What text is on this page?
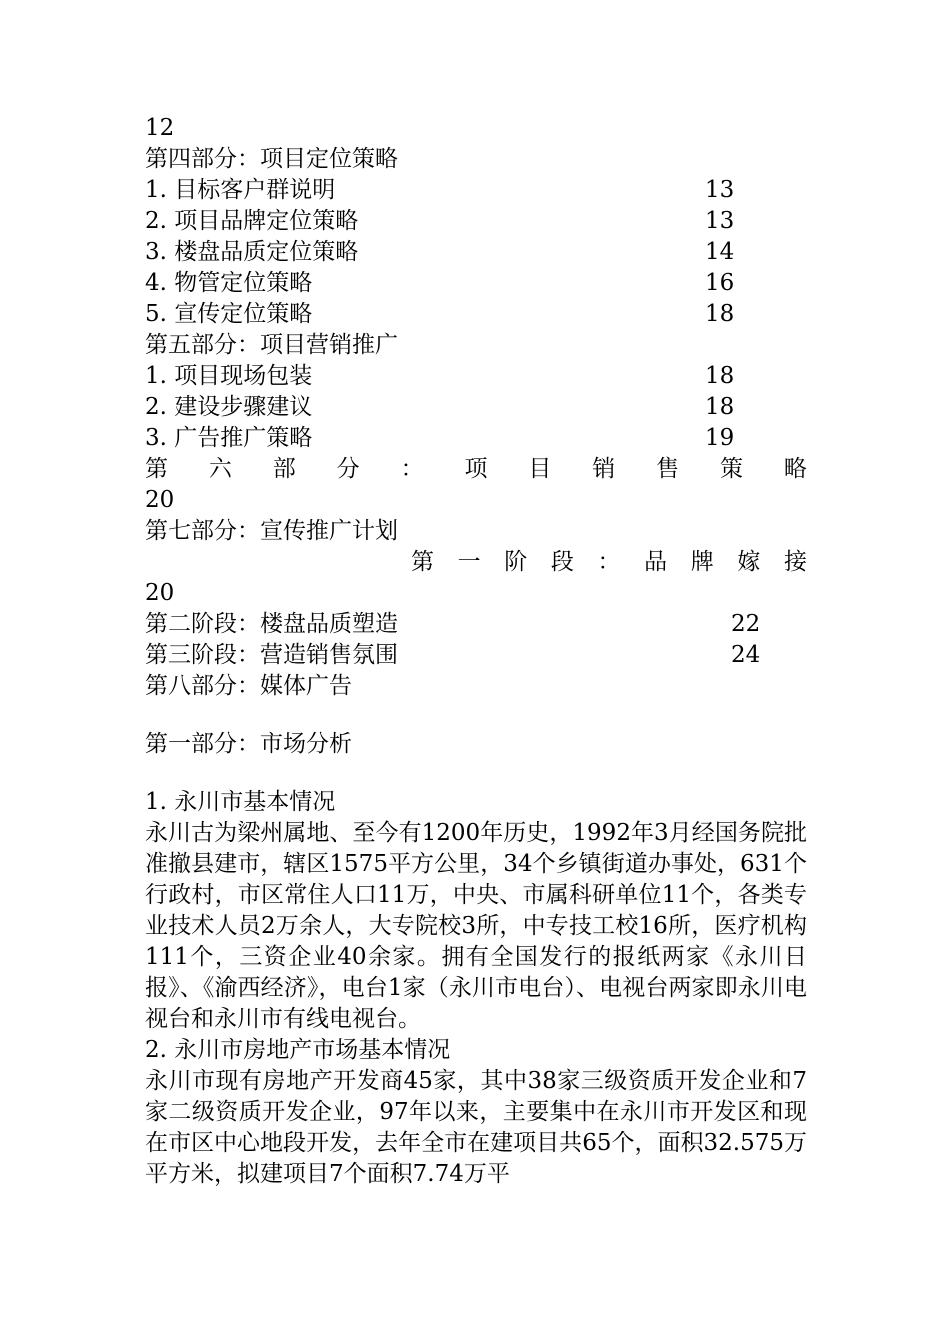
12
第四部分：项目定位策略
1. 目标客户群说明	13
2. 项目品牌定位策略	13
3. 楼盘品质定位策略	14
4. 物管定位策略	16
5. 宣传定位策略	18
第五部分：项目营销推广
1. 项目现场包装	18
2. 建设步骤建议	18
3. 广告推广策略	19
第 六 部 分 ： 项 目 销 售 策 略
20
第七部分：宣传推广计划
第 一 阶 段 ： 品 牌 嫁 接
20
第二阶段：楼盘品质塑造	22
第三阶段：营造销售氛围	24
第八部分：媒体广告
第一部分：市场分析
1. 永川市基本情况
永川古为梁州属地、至今有1200年历史，1992年3月经国务院批准撤县建市，辖区1575平方公里，34个乡镇街道办事处，631个行政村，市区常住人口11万，中央、市属科研单位11个，各类专业技术人员2万余人，大专院校3所，中专技工校16所，医疗机构111个，三资企业40余家。拥有全国发行的报纸两家《永川日报》、《渝西经济》，电台1家（永川市电台）、电视台两家即永川电视台和永川市有线电视台。
2. 永川市房地产市场基本情况
永川市现有房地产开发商45家，其中38家三级资质开发企业和7家二级资质开发企业，97年以来，主要集中在永川市开发区和现在市区中心地段开发，去年全市在建项目共65个，面积32.575万平方米，拟建项目7个面积7.74万平
